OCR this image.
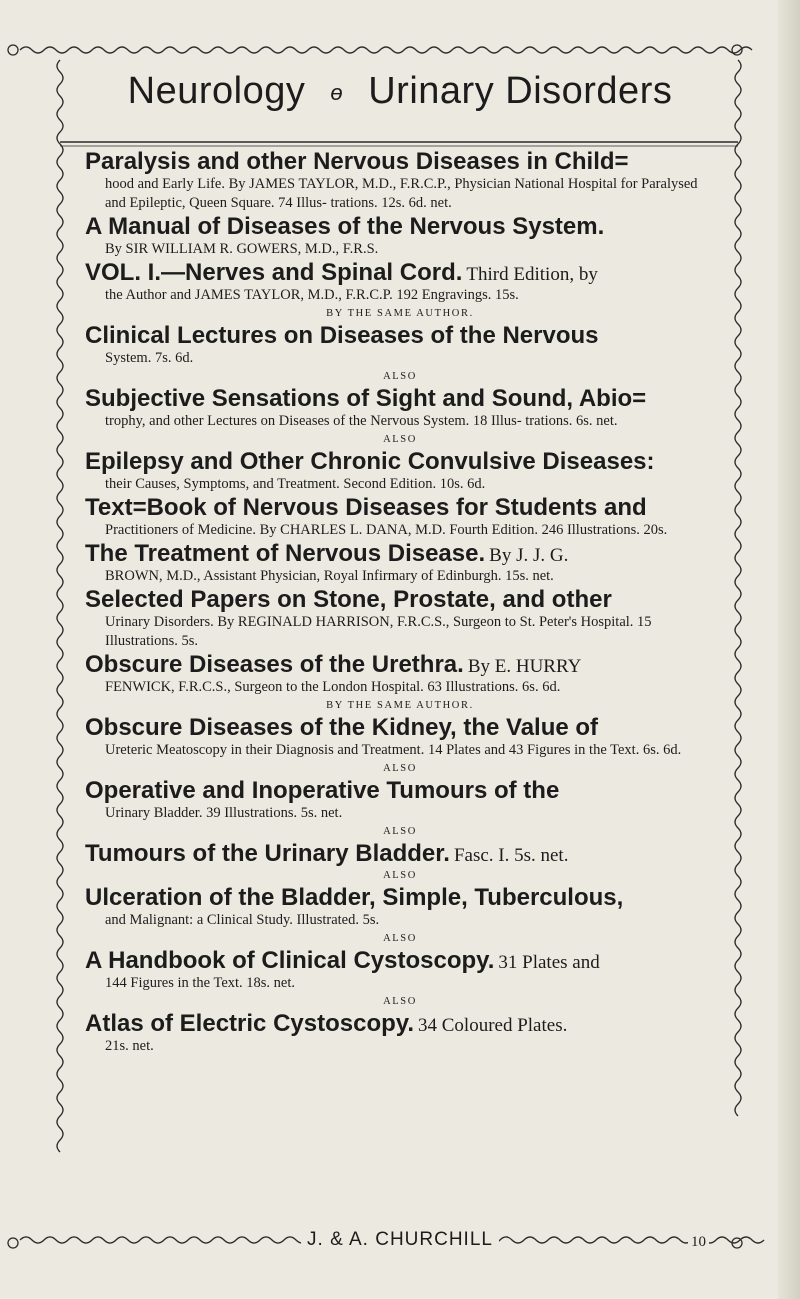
Neurology ɵ Urinary Disorders
Paralysis and other Nervous Diseases in Child=
hood and Early Life. By JAMES TAYLOR, M.D., F.R.C.P., Physician National Hospital for Paralysed and Epileptic, Queen Square. 74 Illus- trations. 12s. 6d. net.
A Manual of Diseases of the Nervous System.
By SIR WILLIAM R. GOWERS, M.D., F.R.S.
VOL. I.—Nerves and Spinal Cord. Third Edition, by
the Author and JAMES TAYLOR, M.D., F.R.C.P. 192 Engravings. 15s.
BY THE SAME AUTHOR.
Clinical Lectures on Diseases of the Nervous
System. 7s. 6d.
ALSO
Subjective Sensations of Sight and Sound, Abio=
trophy, and other Lectures on Diseases of the Nervous System. 18 Illus- trations. 6s. net.
ALSO
Epilepsy and Other Chronic Convulsive Diseases:
their Causes, Symptoms, and Treatment. Second Edition. 10s. 6d.
Text=Book of Nervous Diseases for Students and
Practitioners of Medicine. By CHARLES L. DANA, M.D. Fourth Edition. 246 Illustrations. 20s.
The Treatment of Nervous Disease. By J. J. G.
BROWN, M.D., Assistant Physician, Royal Infirmary of Edinburgh. 15s. net.
Selected Papers on Stone, Prostate, and other
Urinary Disorders. By REGINALD HARRISON, F.R.C.S., Surgeon to St. Peter's Hospital. 15 Illustrations. 5s.
Obscure Diseases of the Urethra. By E. HURRY
FENWICK, F.R.C.S., Surgeon to the London Hospital. 63 Illustrations. 6s. 6d.
BY THE SAME AUTHOR.
Obscure Diseases of the Kidney, the Value of
Ureteric Meatoscopy in their Diagnosis and Treatment. 14 Plates and 43 Figures in the Text. 6s. 6d.
ALSO
Operative and Inoperative Tumours of the
Urinary Bladder. 39 Illustrations. 5s. net.
ALSO
Tumours of the Urinary Bladder. Fasc. I. 5s. net.
ALSO
Ulceration of the Bladder, Simple, Tuberculous,
and Malignant: a Clinical Study. Illustrated. 5s.
ALSO
A Handbook of Clinical Cystoscopy. 31 Plates and
144 Figures in the Text. 18s. net.
ALSO
Atlas of Electric Cystoscopy. 34 Coloured Plates.
21s. net.
J. & A. CHURCHILL	10
